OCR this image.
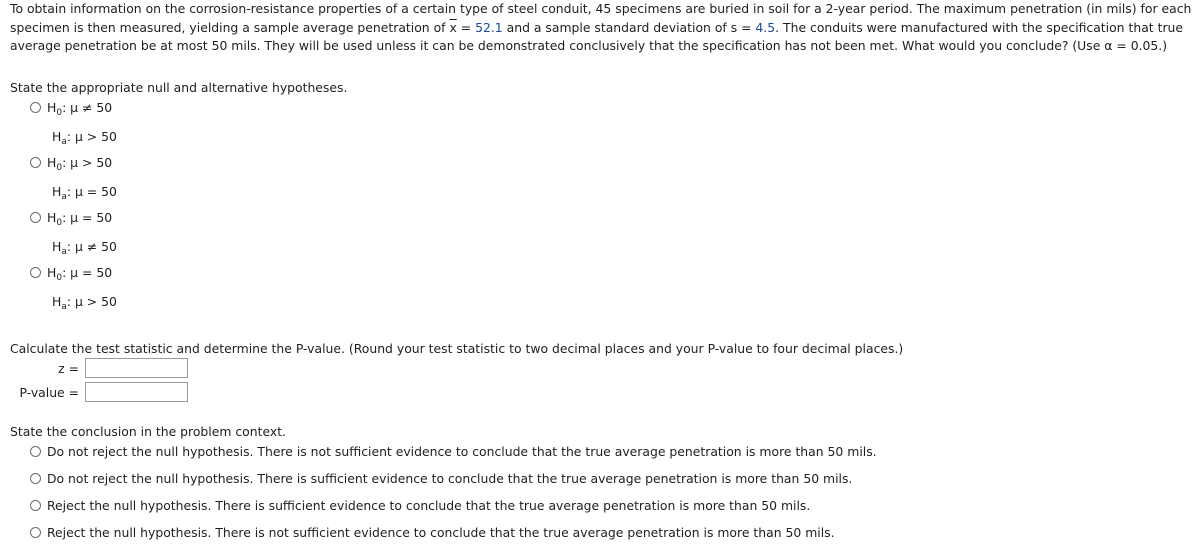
To obtain information on the corrosion-resistance properties of a certain type of steel conduit, 45 specimens are buried in soil for a 2-year period. The maximum penetration (in mils) for each specimen is then measured, yielding a sample average penetration of $\overline{x} = 52.1$ and a sample standard deviation of s = 4.5. The conduits were manufactured with the specification that true average penetration be at most 50 mils. They will be used unless it can be demonstrated conclusively that the specification has not been met. What would you conclude? (Use α = 0.05.)

State the appropriate null and alternative hypotheses.
$H_0$: μ ≠ 50
$H_a$: μ > 50
$H_0$: μ > 50
$H_a$: μ = 50
$H_0$: μ = 50
$H_a$: μ ≠ 50
$H_0$: μ = 50
$H_a$: μ > 50
Calculate the test statistic and determine the P-value. (Round your test statistic to two decimal places and your P-value to four decimal places.)
z =
P-value =
State the conclusion in the problem context.
Do not reject the null hypothesis. There is not sufficient evidence to conclude that the true average penetration is more than 50 mils.
Do not reject the null hypothesis. There is sufficient evidence to conclude that the true average penetration is more than 50 mils.
Reject the null hypothesis. There is sufficient evidence to conclude that the true average penetration is more than 50 mils.
Reject the null hypothesis. There is not sufficient evidence to conclude that the true average penetration is more than 50 mils.
